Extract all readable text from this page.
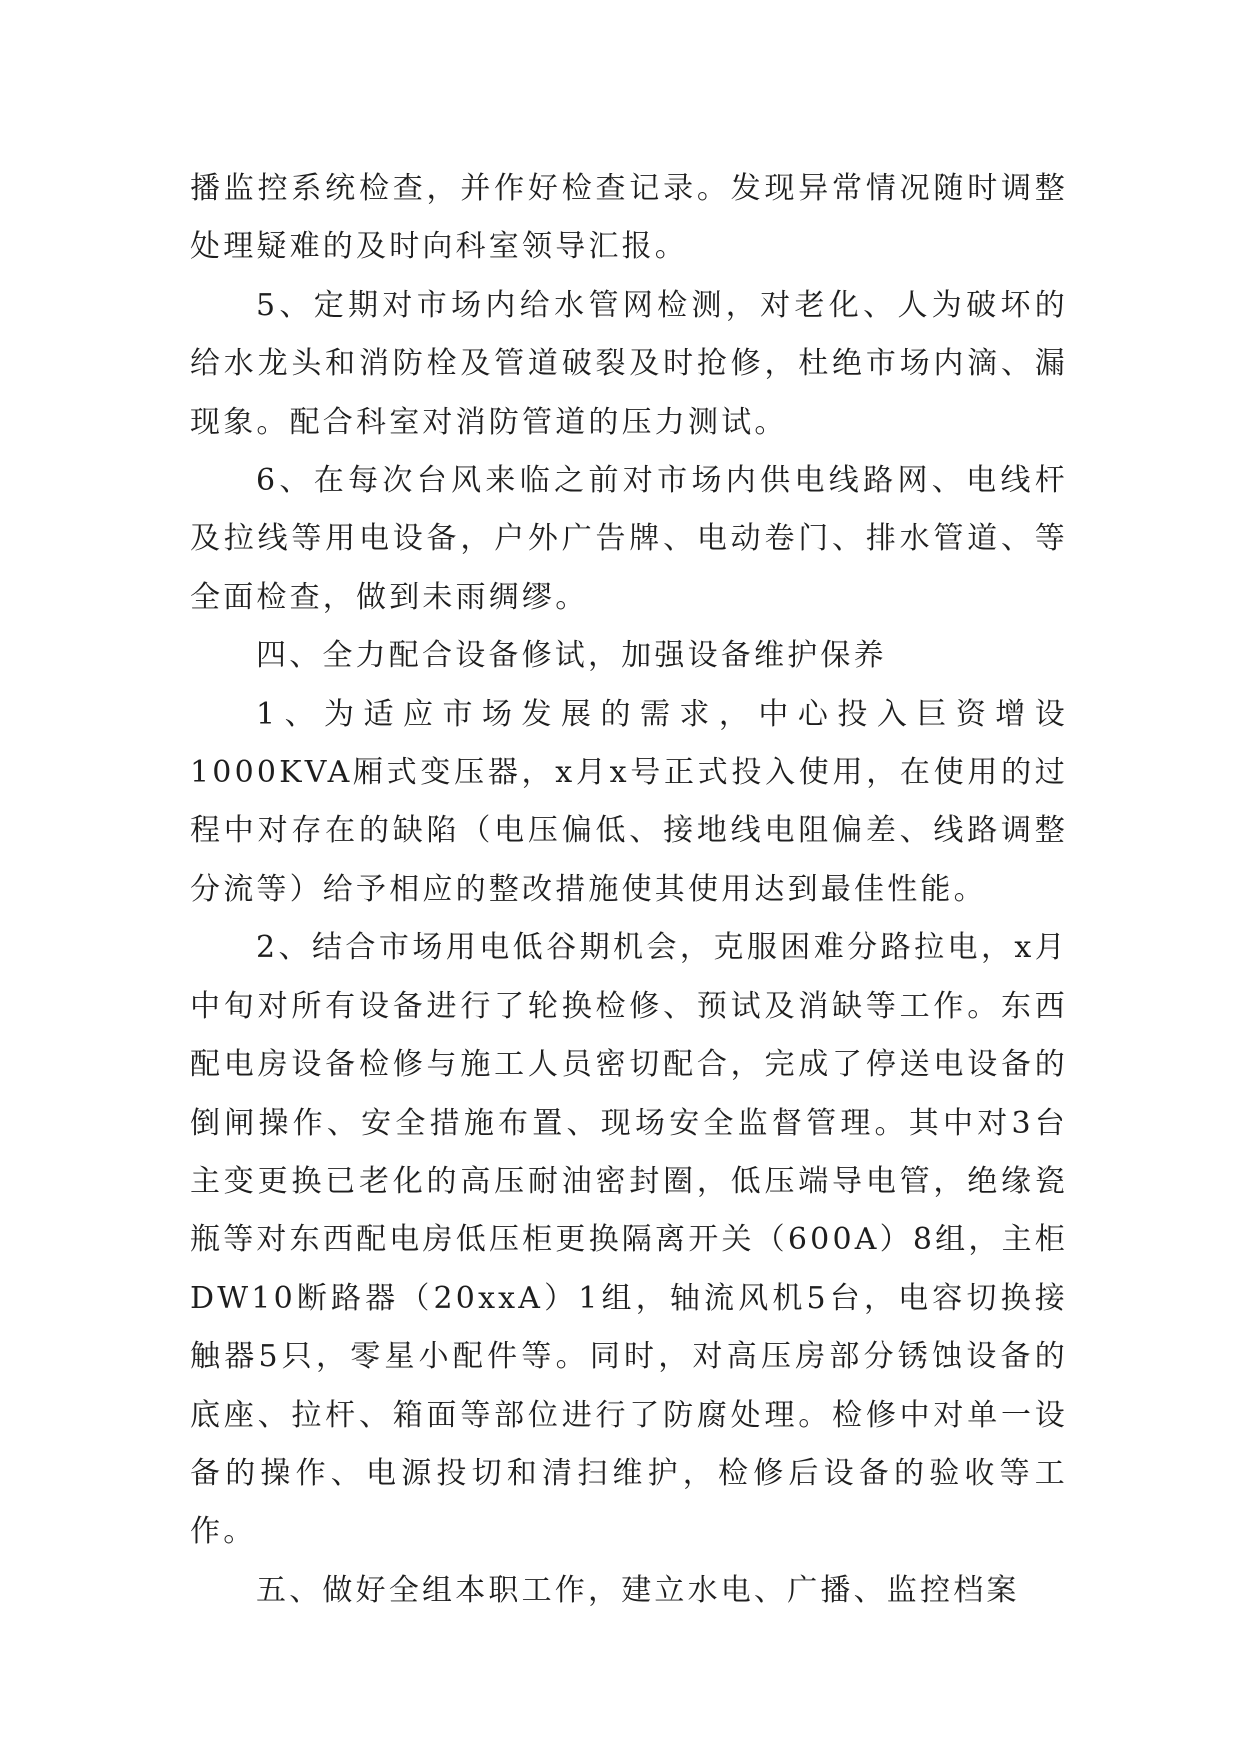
播监控系统检查，并作好检查记录。发现异常情况随时调整处理疑难的及时向科室领导汇报。

5、定期对市场内给水管网检测，对老化、人为破坏的给水龙头和消防栓及管道破裂及时抢修，杜绝市场内滴、漏现象。配合科室对消防管道的压力测试。

6、在每次台风来临之前对市场内供电线路网、电线杆及拉线等用电设备，户外广告牌、电动卷门、排水管道、等全面检查，做到未雨绸缪。

四、全力配合设备修试，加强设备维护保养

1、为适应市场发展的需求，中心投入巨资增设1000KVA厢式变压器，x月x号正式投入使用，在使用的过程中对存在的缺陷（电压偏低、接地线电阻偏差、线路调整分流等）给予相应的整改措施使其使用达到最佳性能。

2、结合市场用电低谷期机会，克服困难分路拉电，x月中旬对所有设备进行了轮换检修、预试及消缺等工作。东西配电房设备检修与施工人员密切配合，完成了停送电设备的倒闸操作、安全措施布置、现场安全监督管理。其中对3台主变更换已老化的高压耐油密封圈，低压端导电管，绝缘瓷瓶等对东西配电房低压柜更换隔离开关（600A）8组，主柜DW10断路器（20xxA）1组，轴流风机5台，电容切换接触器5只，零星小配件等。同时，对高压房部分锈蚀设备的底座、拉杆、箱面等部位进行了防腐处理。检修中对单一设备的操作、电源投切和清扫维护，检修后设备的验收等工作。

五、做好全组本职工作，建立水电、广播、监控档案
